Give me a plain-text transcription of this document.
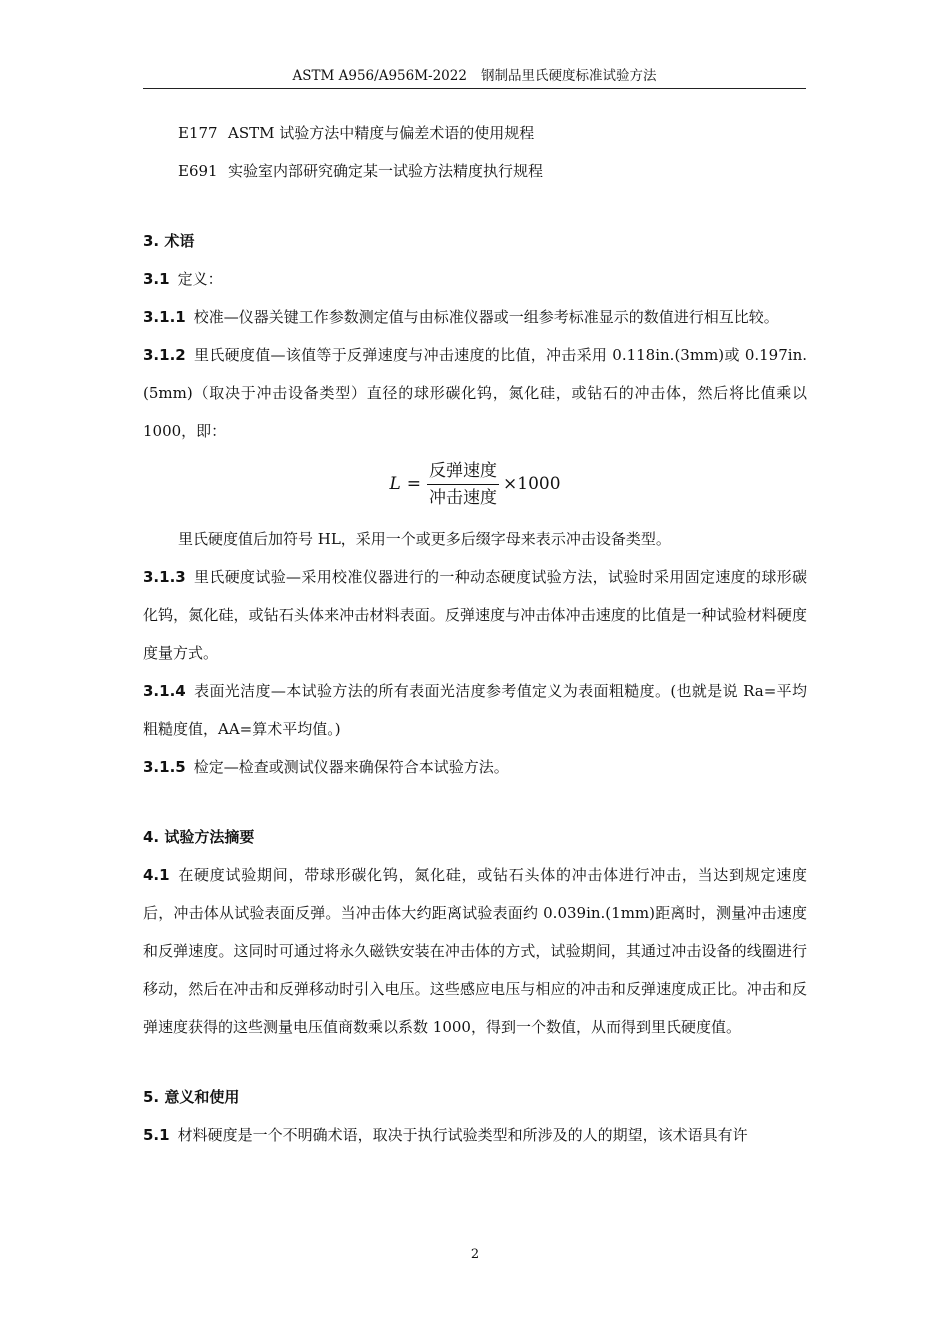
ASTM A956/A956M-2022 钢制品里氏硬度标准试验方法

E177 ASTM 试验方法中精度与偏差术语的使用规程

E691 实验室内部研究确定某一试验方法精度执行规程

3. 术语

3.1 定义：

3.1.1 校准—仪器关键工作参数测定值与由标准仪器或一组参考标准显示的数值进行相互比较。

3.1.2 里氏硬度值—该值等于反弹速度与冲击速度的比值，冲击采用 0.118in.(3mm)或 0.197in.(5mm)（取决于冲击设备类型）直径的球形碳化钨，氮化硅，或钻石的冲击体，然后将比值乘以 1000，即：

$L = \frac{\text{反弹速度}}{\text{冲击速度}} \times 1000$

里氏硬度值后加符号 HL，采用一个或更多后缀字母来表示冲击设备类型。

3.1.3 里氏硬度试验—采用校准仪器进行的一种动态硬度试验方法，试验时采用固定速度的球形碳化钨，氮化硅，或钻石头体来冲击材料表面。反弹速度与冲击体冲击速度的比值是一种试验材料硬度度量方式。

3.1.4 表面光洁度—本试验方法的所有表面光洁度参考值定义为表面粗糙度。(也就是说 Ra=平均粗糙度值，AA=算术平均值。)

3.1.5 检定—检查或测试仪器来确保符合本试验方法。

4. 试验方法摘要

4.1 在硬度试验期间，带球形碳化钨，氮化硅，或钻石头体的冲击体进行冲击，当达到规定速度后，冲击体从试验表面反弹。当冲击体大约距离试验表面约 0.039in.(1mm)距离时，测量冲击速度和反弹速度。这同时可通过将永久磁铁安装在冲击体的方式，试验期间，其通过冲击设备的线圈进行移动，然后在冲击和反弹移动时引入电压。这些感应电压与相应的冲击和反弹速度成正比。冲击和反弹速度获得的这些测量电压值商数乘以系数 1000，得到一个数值，从而得到里氏硬度值。

5. 意义和使用

5.1 材料硬度是一个不明确术语，取决于执行试验类型和所涉及的人的期望，该术语具有许

2
